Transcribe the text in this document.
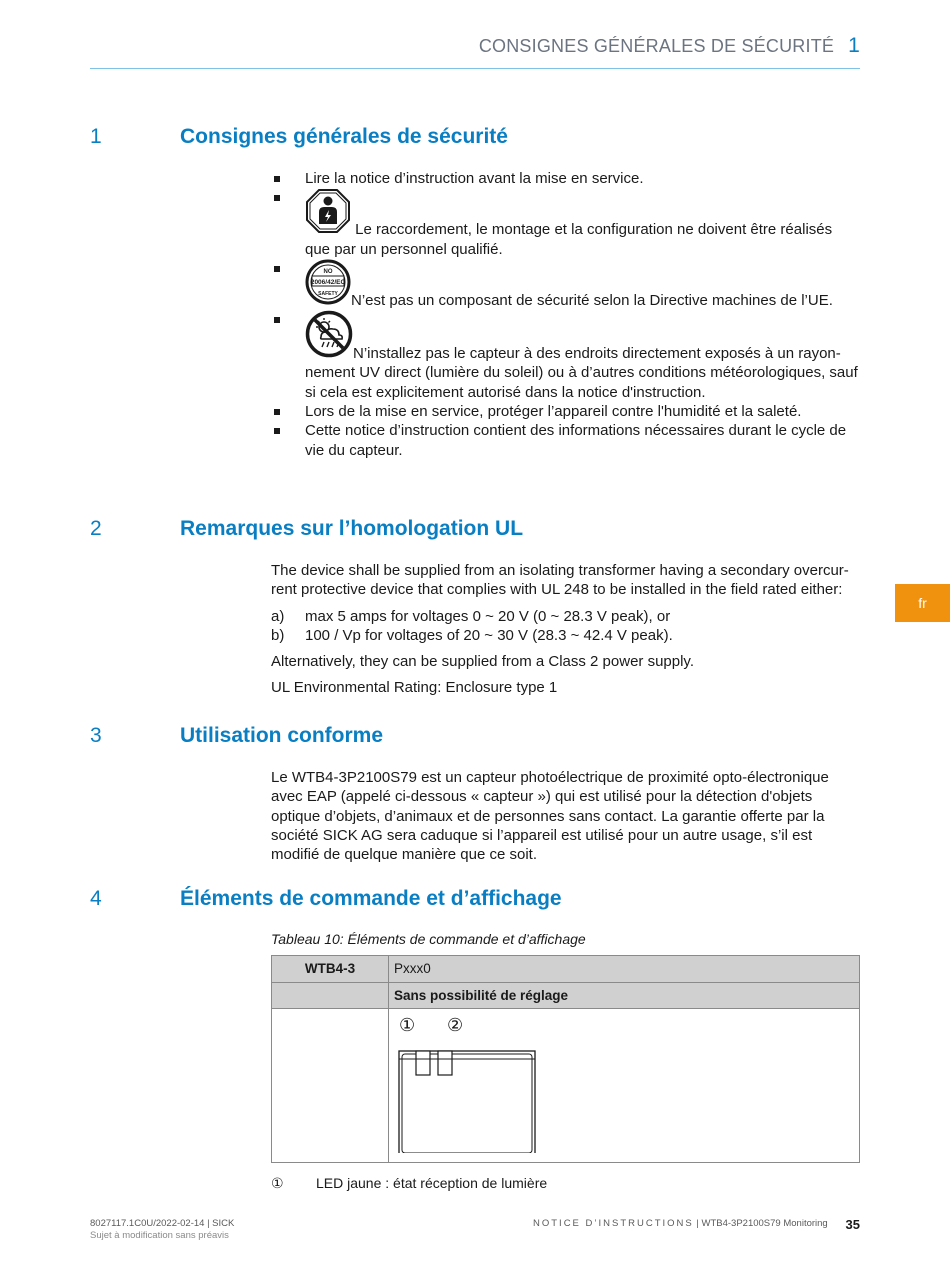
CONSIGNES GÉNÉRALES DE SÉCURITÉ 1
fr
1	Consignes générales de sécurité
Lire la notice d’instruction avant la mise en service.
Le raccordement, le montage et la configuration ne doivent être réalisés que par un personnel qualifié.
NO
2006/42/EC
SAFETY N’est pas un composant de sécurité selon la Directive machines de l’UE.
N’installez pas le capteur à des endroits directement exposés à un rayon-nement UV direct (lumière du soleil) ou à d’autres conditions météorologiques, sauf si cela est explicitement autorisé dans la notice d'instruction.
Lors de la mise en service, protéger l’appareil contre l'humidité et la saleté.
Cette notice d’instruction contient des informations nécessaires durant le cycle de vie du capteur.
2	Remarques sur l’homologation UL

The device shall be supplied from an isolating transformer having a secondary overcur-rent protective device that complies with UL 248 to be installed in the field rated either:

a)	max 5 amps for voltages 0 ~ 20 V (0 ~ 28.3 V peak), or
b)	100 / Vp for voltages of 20 ~ 30 V (28.3 ~ 42.4 V peak).

Alternatively, they can be supplied from a Class 2 power supply.

UL Environmental Rating: Enclosure type 1

3	Utilisation conforme

Le WTB4-3P2100S79 est un capteur photoélectrique de proximité opto-électronique avec EAP (appelé ci-dessous « capteur ») qui est utilisé pour la détection d'objets optique d’objets, d’animaux et de personnes sans contact. La garantie offerte par la société SICK AG sera caduque si l’appareil est utilisé pour un autre usage, s’il est modifié de quelque manière que ce soit.

4	Éléments de commande et d’affichage
Tableau 10: Éléments de commande et d’affichage
WTB4-3	Pxxx0
	Sans possibilité de réglage

① ②
①	LED jaune : état réception de lumière
8027117.1C0U/2022-02-14 | SICK
Sujet à modification sans préavis
NOTICE D’INSTRUCTIONS | WTB4-3P2100S79 Monitoring 35
